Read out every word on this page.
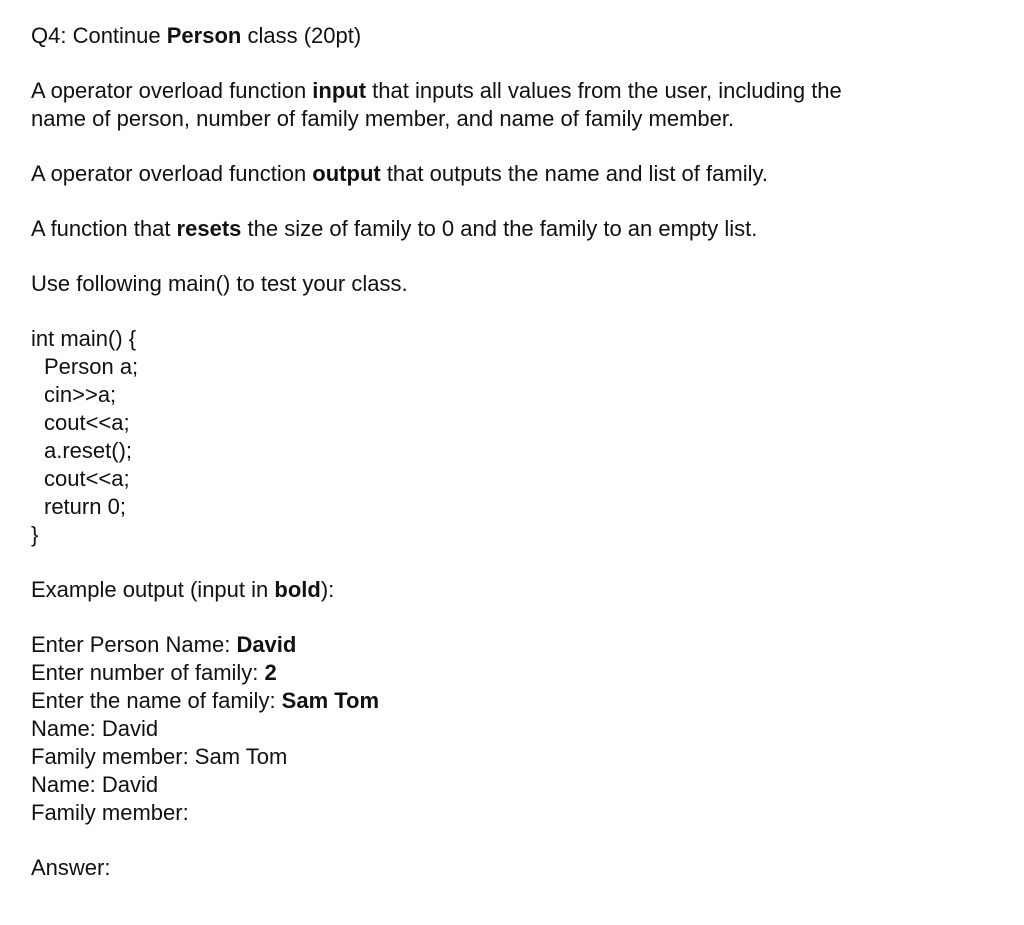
Q4: Continue Person class (20pt)
A operator overload function input that inputs all values from the user, including the
name of person, number of family member, and name of family member.
A operator overload function output that outputs the name and list of family.
A function that resets the size of family to 0 and the family to an empty list.
Use following main() to test your class.
int main() {
Person a;
cin>>a;
cout<<a;
a.reset();
cout<<a;
return 0;
}
Example output (input in bold):
Enter Person Name: David
Enter number of family: 2
Enter the name of family: Sam Tom
Name: David
Family member: Sam Tom
Name: David
Family member:
Answer:
